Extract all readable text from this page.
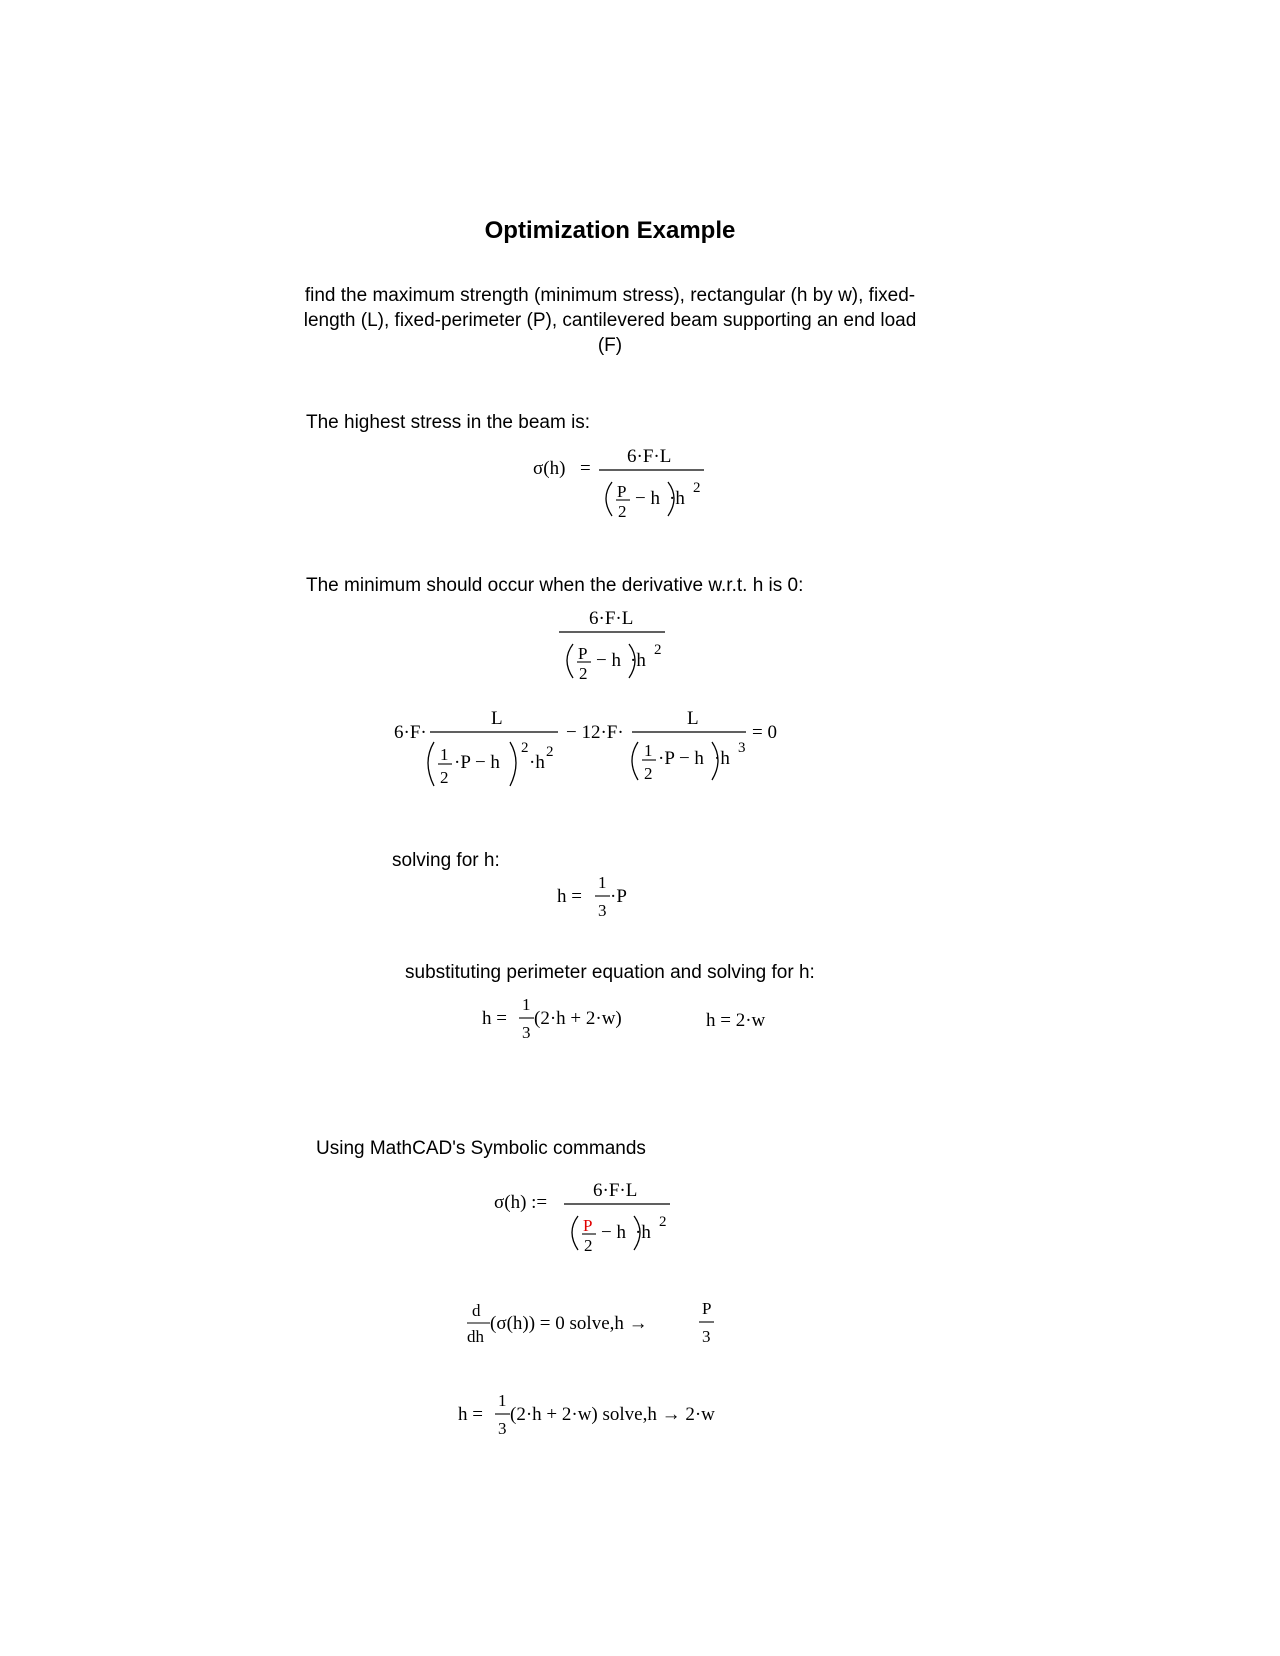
Optimization Example
find the maximum strength (minimum stress), rectangular (h by w), fixed-length (L), fixed-perimeter (P), cantilevered beam supporting an end load (F)
The highest stress in the beam is:
σ(h) =
6·F·L
P
2
− h ·h 2
The minimum should occur when the derivative w.r.t. h is 0:
6·F·L
P
2
− h ·h 2
6·F·
L
1
2
·P − h
2
·h 2
− 12·F·
L
1
2
·P − h ·h 3
= 0
solving for h:
h =
1
3
·P
substituting perimeter equation and solving for h:
h =
1
3
(2·h + 2·w)	h = 2·w
Using MathCAD's Symbolic commands
σ(h) :=
6·F·L
P
2
− h ·h 2
d
dh
(σ(h)) = 0 solve,h →
P
3
h =
1
3
(2·h + 2·w) solve,h → 2·w
